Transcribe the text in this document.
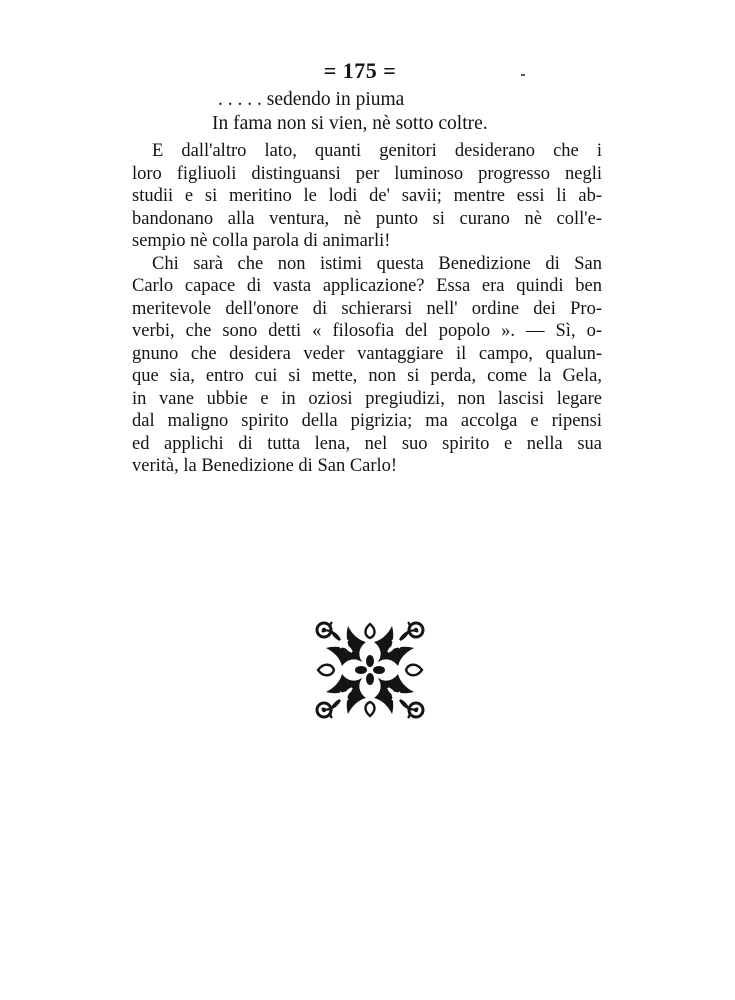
= 175 =
. . . . . sedendo in piuma
In fama non si vien, nè sotto coltre.
E dall'altro lato, quanti genitori desiderano che i
loro figliuoli distinguansi per luminoso progresso negli
studii e si meritino le lodi de' savii; mentre essi li ab-
bandonano alla ventura, nè punto si curano nè coll'e-
sempio nè colla parola di animarli!
Chi sarà che non istimi questa Benedizione di San
Carlo capace di vasta applicazione? Essa era quindi ben
meritevole dell'onore di schierarsi nell' ordine dei Pro-
verbi, che sono detti « filosofia del popolo ». — Sì, o-
gnuno che desidera veder vantaggiare il campo, qualun-
que sia, entro cui si mette, non si perda, come la Gela,
in vane ubbie e in oziosi pregiudizi, non lascisi legare
dal maligno spirito della pigrizia; ma accolga e ripensi
ed applichi di tutta lena, nel suo spirito e nella sua
verità, la Benedizione di San Carlo!
